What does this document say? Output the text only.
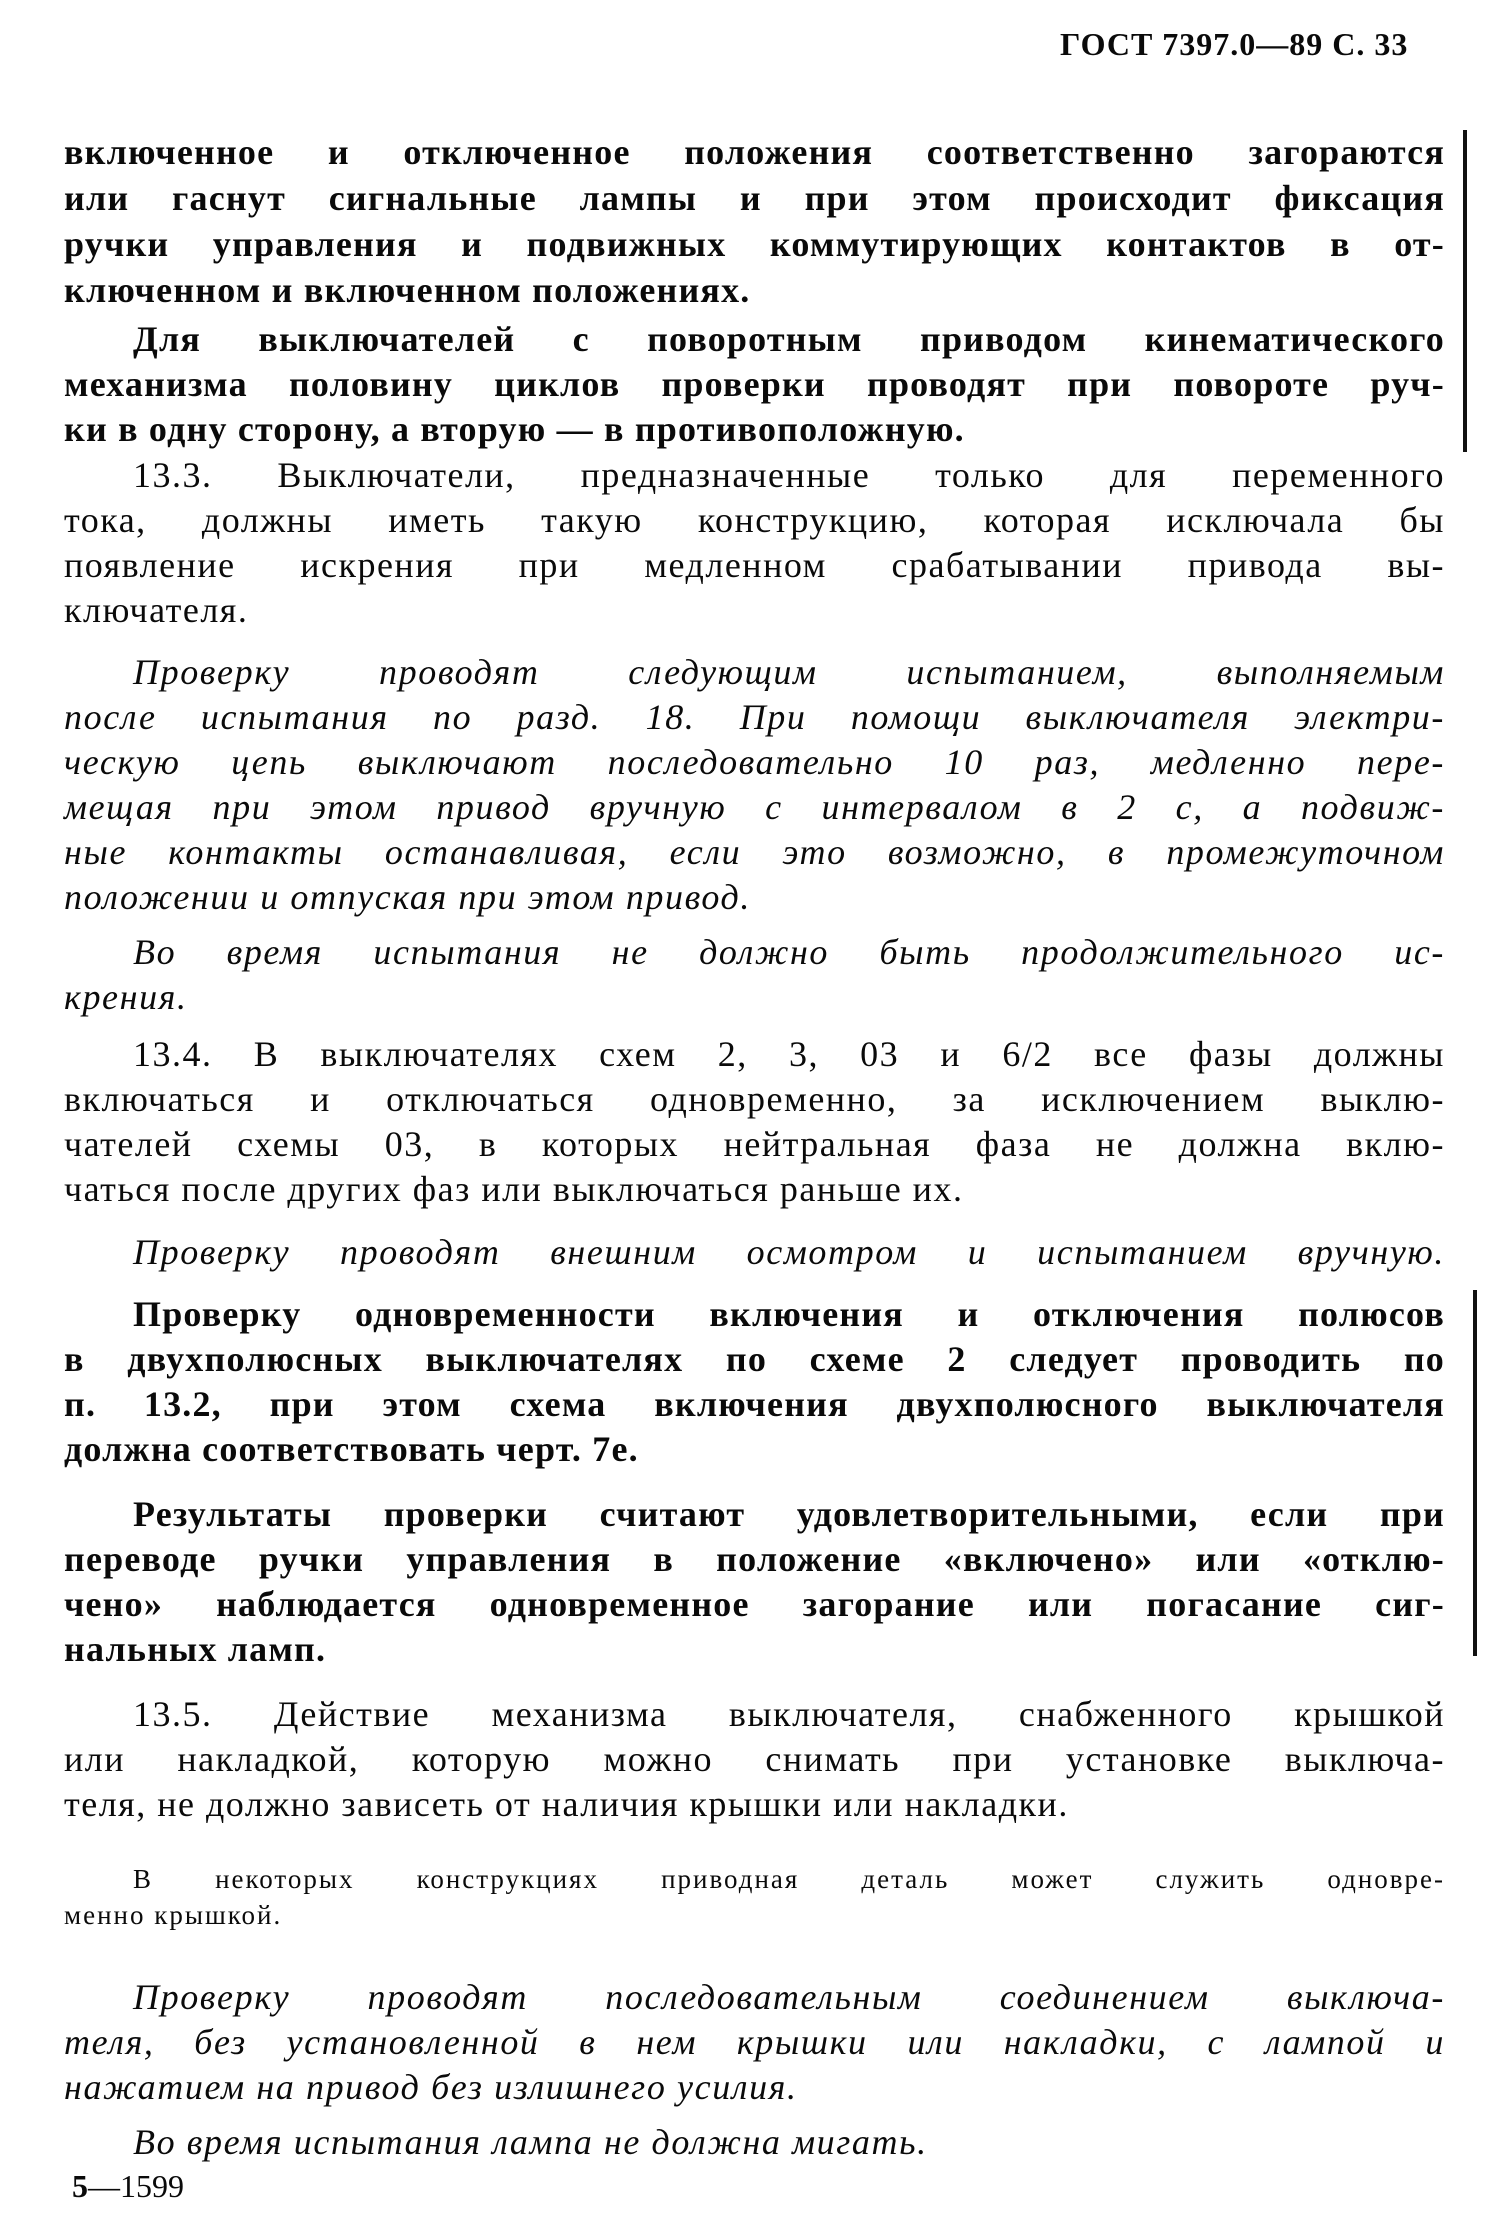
ГОСТ 7397.0—89 С. 33
включенное и отключенное положения соответственно загораются
или гаснут сигнальные лампы и при этом происходит фиксация
ручки управления и подвижных коммутирующих контактов в от-
ключенном и включенном положениях.
Для выключателей с поворотным приводом кинематического
механизма половину циклов проверки проводят при повороте руч-
ки в одну сторону, а вторую — в противоположную.
13.3. Выключатели, предназначенные только для переменного
тока, должны иметь такую конструкцию, которая исключала бы
появление искрения при медленном срабатывании привода вы-
ключателя.
Проверку проводят следующим испытанием, выполняемым
после испытания по разд. 18. При помощи выключателя электри-
ческую цепь выключают последовательно 10 раз, медленно пере-
мещая при этом привод вручную с интервалом в 2 с, а подвиж-
ные контакты останавливая, если это возможно, в промежуточном
положении и отпуская при этом привод.
Во время испытания не должно быть продолжительного ис-
крения.
13.4. В выключателях схем 2, 3, 03 и 6/2 все фазы должны
включаться и отключаться одновременно, за исключением выклю-
чателей схемы 03, в которых нейтральная фаза не должна вклю-
чаться после других фаз или выключаться раньше их.
Проверку проводят внешним осмотром и испытанием вручную.
Проверку одновременности включения и отключения полюсов
в двухполюсных выключателях по схеме 2 следует проводить по
п. 13.2, при этом схема включения двухполюсного выключателя
должна соответствовать черт. 7е.
Результаты проверки считают удовлетворительными, если при
переводе ручки управления в положение «включено» или «отклю-
чено» наблюдается одновременное загорание или погасание сиг-
нальных ламп.
13.5. Действие механизма выключателя, снабженного крышкой
или накладкой, которую можно снимать при установке выключа-
теля, не должно зависеть от наличия крышки или накладки.
В некоторых конструкциях приводная деталь может служить одновре-
менно крышкой.
Проверку проводят последовательным соединением выключа-
теля, без установленной в нем крышки или накладки, с лампой и
нажатием на привод без излишнего усилия.
Во время испытания лампа не должна мигать.
5—1599
